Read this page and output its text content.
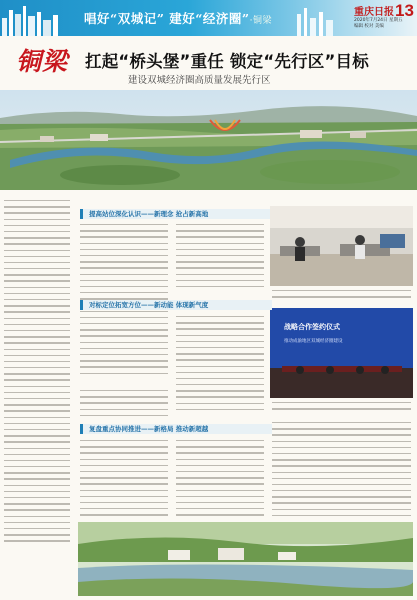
唱好“双城记” 建好“经济圈”·铜梁
重庆日报 13
2020年7月24日 星期五
编辑 校对 美编
铜梁 扛起“桥头堡”重任 锁定“先行区”目标
建设双城经济圈高质量发展先行区

提高站位深化认识——新理念 抢占新高地
战略合作签约仪式
推动成渝地区双城经济圈建设
对标定位拓宽方位——新动能 体现新气度
复盘重点协同推进——新格局 推动新超越
